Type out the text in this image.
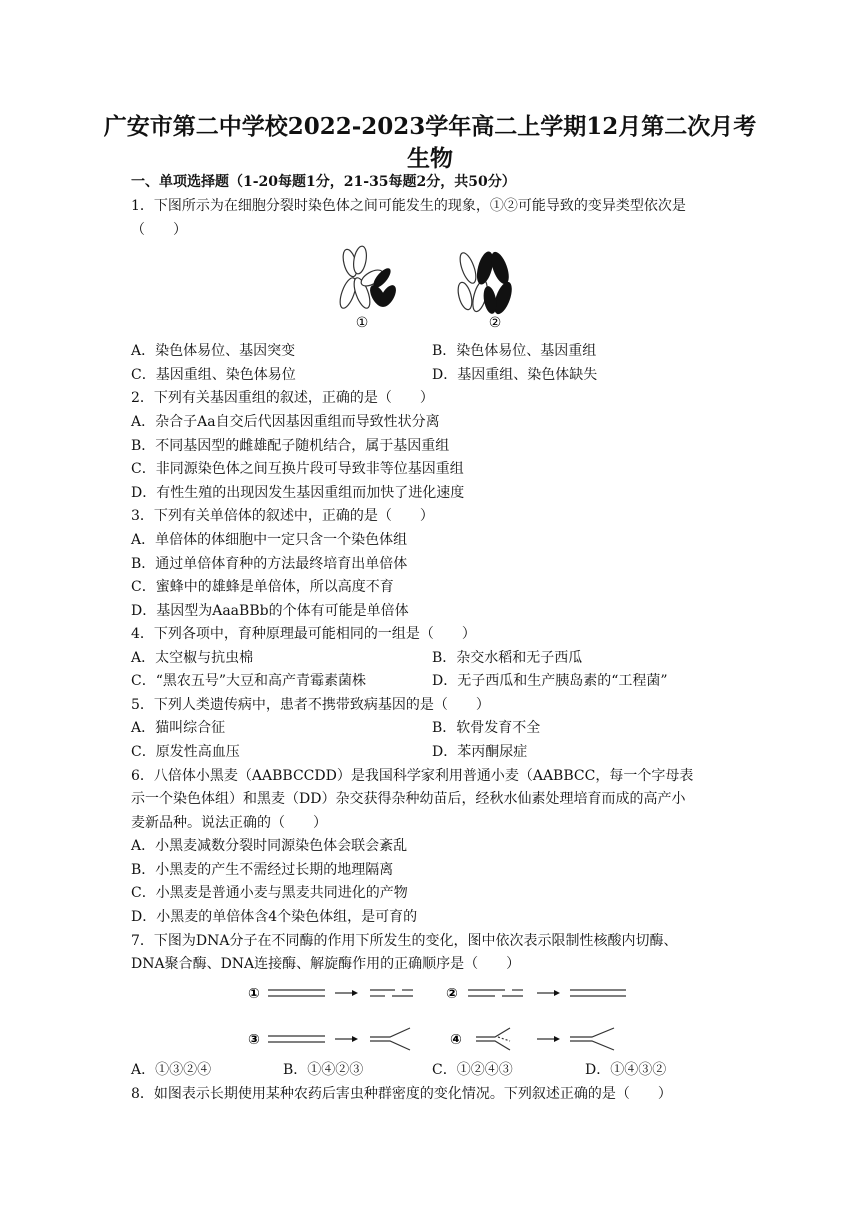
广安市第二中学校2022-2023学年高二上学期12月第二次月考
生物
一、单项选择题（1-20每题1分，21-35每题2分，共50分）
1．下图所示为在细胞分裂时染色体之间可能发生的现象，①②可能导致的变异类型依次是
（　　）
①	②
A．染色体易位、基因突变	B．染色体易位、基因重组
C．基因重组、染色体易位	D．基因重组、染色体缺失
2．下列有关基因重组的叙述，正确的是（　　）
A．杂合子Aa自交后代因基因重组而导致性状分离
B．不同基因型的雌雄配子随机结合，属于基因重组
C．非同源染色体之间互换片段可导致非等位基因重组
D．有性生殖的出现因发生基因重组而加快了进化速度
3．下列有关单倍体的叙述中，正确的是（　　）
A．单倍体的体细胞中一定只含一个染色体组
B．通过单倍体育种的方法最终培育出单倍体
C．蜜蜂中的雄蜂是单倍体，所以高度不育
D．基因型为AaaBBb的个体有可能是单倍体
4．下列各项中，育种原理最可能相同的一组是（　　）
A．太空椒与抗虫棉	B．杂交水稻和无子西瓜
C．“黑农五号”大豆和高产青霉素菌株	D．无子西瓜和生产胰岛素的“工程菌”
5．下列人类遗传病中，患者不携带致病基因的是（　　）
A．猫叫综合征	B．软骨发育不全
C．原发性高血压	D．苯丙酮尿症
6．八倍体小黑麦（AABBCCDD）是我国科学家利用普通小麦（AABBCC，每一个字母表
示一个染色体组）和黑麦（DD）杂交获得杂种幼苗后，经秋水仙素处理培育而成的高产小
麦新品种。说法正确的（　　）
A．小黑麦减数分裂时同源染色体会联会紊乱
B．小黑麦的产生不需经过长期的地理隔离
C．小黑麦是普通小麦与黑麦共同进化的产物
D．小黑麦的单倍体含4个染色体组，是可育的
7．下图为DNA分子在不同酶的作用下所发生的变化，图中依次表示限制性核酸内切酶、
DNA聚合酶、DNA连接酶、解旋酶作用的正确顺序是（　　）
①	②
③	④
A．①③②④	B．①④②③	C．①②④③	D．①④③②
8．如图表示长期使用某种农药后害虫种群密度的变化情况。下列叙述正确的是（　　）
